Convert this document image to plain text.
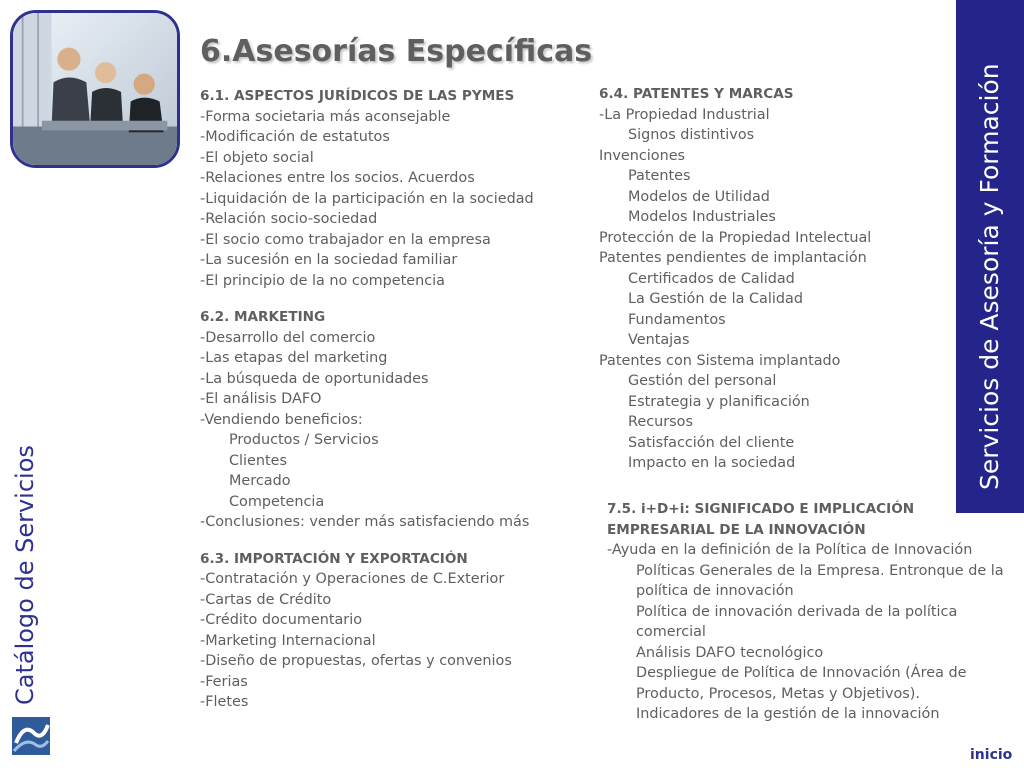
Catálogo de Servicios
Servicios de Asesoría y Formación
6.Asesorías Específicas

6.1. ASPECTOS JURÍDICOS DE LAS PYMES

-Forma societaria más aconsejable

-Modificación de estatutos

-El objeto social

-Relaciones entre los socios. Acuerdos

-Liquidación de la participación en la sociedad

-Relación socio-sociedad

-El socio como trabajador en la empresa

-La sucesión en la sociedad familiar

-El principio de la no competencia

6.2. MARKETING

-Desarrollo del comercio

-Las etapas del marketing

-La búsqueda de oportunidades

-El análisis DAFO

-Vendiendo beneficios:

Productos / Servicios

Clientes

Mercado

Competencia

-Conclusiones: vender más satisfaciendo más

6.3. IMPORTACIÓN Y EXPORTACIÓN

-Contratación y Operaciones de C.Exterior

-Cartas de Crédito

-Crédito documentario

-Marketing Internacional

-Diseño de propuestas, ofertas y convenios

-Ferias

-Fletes

6.4. PATENTES Y MARCAS

-La Propiedad Industrial

Signos distintivos

Invenciones

Patentes

Modelos de Utilidad

Modelos Industriales

Protección de la Propiedad Intelectual

Patentes pendientes de implantación

Certificados de Calidad

La Gestión de la Calidad

Fundamentos

Ventajas

Patentes con Sistema implantado

Gestión del personal

Estrategia y planificación

Recursos

Satisfacción del cliente

Impacto en la sociedad

7.5. i+D+i: SIGNIFICADO E IMPLICACIÓN

EMPRESARIAL DE LA INNOVACIÓN

-Ayuda en la definición de la Política de Innovación

Políticas Generales de la Empresa. Entronque de la política de innovación

Política de innovación derivada de la política comercial

Análisis DAFO tecnológico

Despliegue de Política de Innovación (Área de Producto, Procesos, Metas y Objetivos).

Indicadores de la gestión de la innovación

inicio
